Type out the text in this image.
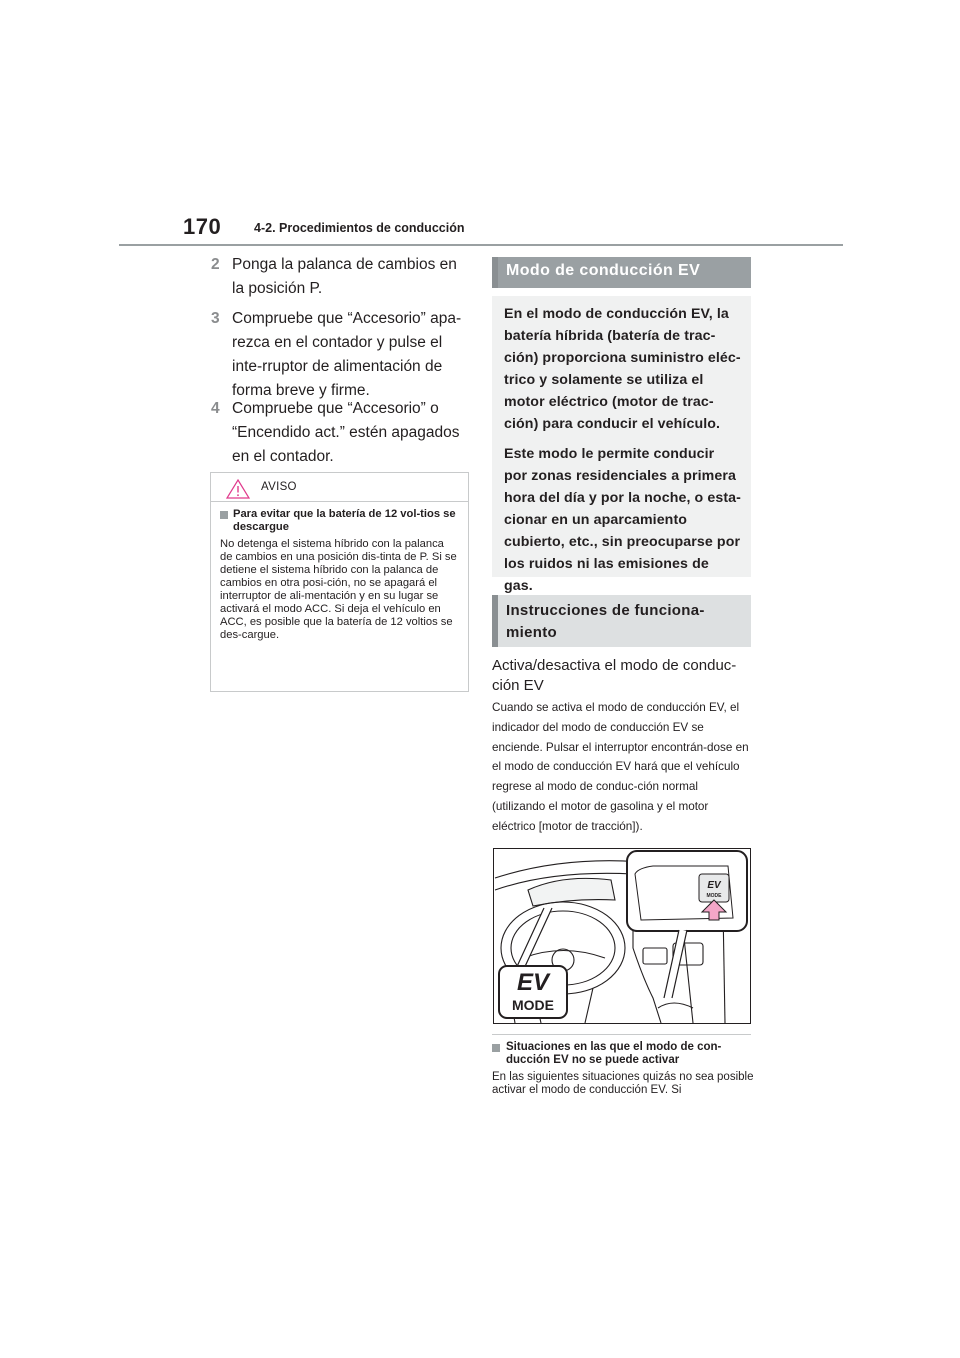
170	4-2. Procedimientos de conducción
2 Ponga la palanca de cambios en la posición P.
3 Compruebe que “Accesorio” apa-rezca en el contador y pulse el inte-rruptor de alimentación de forma breve y firme.
4 Compruebe que “Accesorio” o “Encendido act.” estén apagados en el contador.
AVISO
Para evitar que la batería de 12 vol-tios se descargue
No detenga el sistema híbrido con la palanca de cambios en una posición dis-tinta de P. Si se detiene el sistema híbrido con la palanca de cambios en otra posi-ción, no se apagará el interruptor de ali-mentación y en su lugar se activará el modo ACC. Si deja el vehículo en ACC, es posible que la batería de 12 voltios se des-cargue.
Modo de conducción EV

En el modo de conducción EV, la batería híbrida (batería de trac-ción) proporciona suministro eléc-trico y solamente se utiliza el motor eléctrico (motor de trac-ción) para conducir el vehículo.

Este modo le permite conducir por zonas residenciales a primera hora del día y por la noche, o esta-cionar en un aparcamiento cubierto, etc., sin preocuparse por los ruidos ni las emisiones de gas.

Instrucciones de funciona-miento
Activa/desactiva el modo de conduc-ción EV
Cuando se activa el modo de conducción EV, el indicador del modo de conducción EV se enciende. Pulsar el interruptor encontrán-dose en el modo de conducción EV hará que el vehículo regrese al modo de conduc-ción normal (utilizando el motor de gasolina y el motor eléctrico [motor de tracción]).
EV
MODE
EV
MODE
Situaciones en las que el modo de con-ducción EV no se puede activar
En las siguientes situaciones quizás no sea posible activar el modo de conducción EV. Si
